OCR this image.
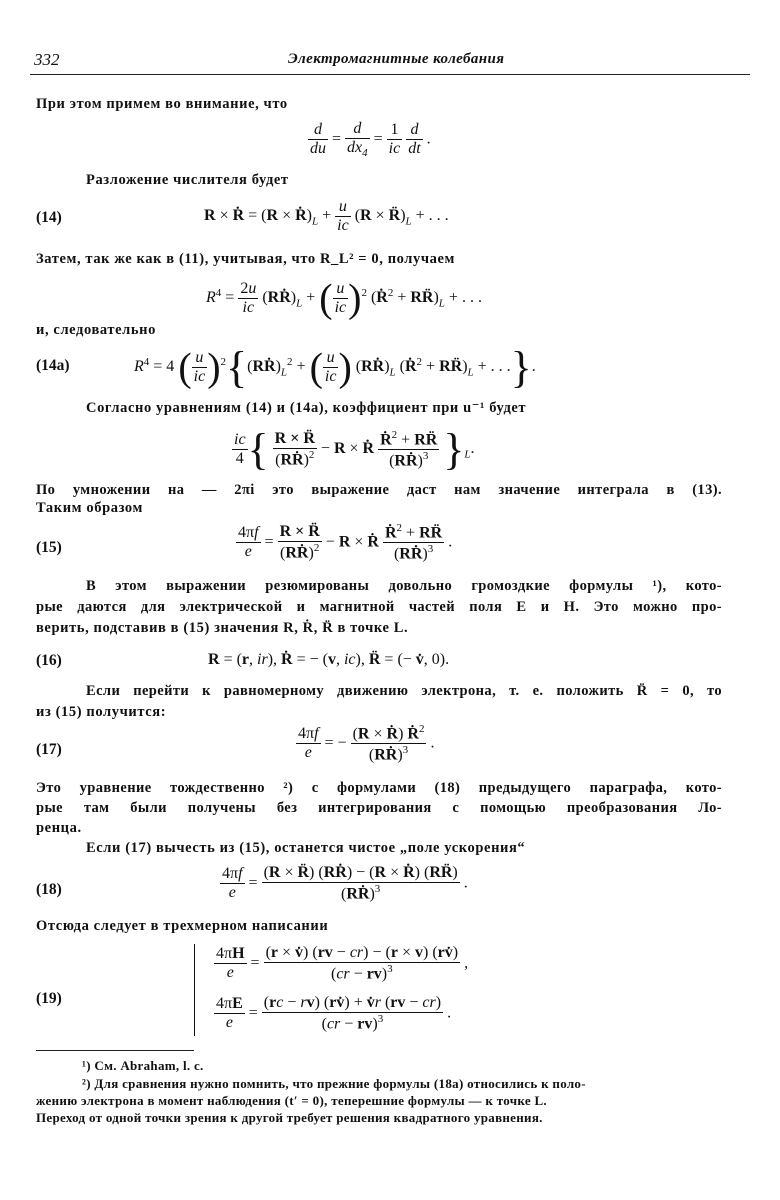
332	Электромагнитные колебания
При этом примем во внимание, что
$\frac{d}{du} = \frac{d}{dx_4} = \frac{1}{ic}$
$\frac{d}{dt}$ .
Разложение числителя будет
(14)	R × Ṙ = $(R \times Ṙ)_L + \frac{u}{ic} (R$ × $R̈)_L$ + . . .
Затем, так же как в (11), учитывая, что R_L² = 0, получаем
$R^4 = \frac{2u}{ic}$ $(RṘ)_L$ + ( $\frac{u}{ic} )^2$ (Ṙ$^2$ + $RR̈)_L$ + . . .
и, следовательно
(14a)	$R^4 = 4$ ( $\frac{u}{ic}$ )$^2\{(RṘ)_L^2$ + ( $\frac{u}{ic}$ ) $(RṘ)_L$ (Ṙ$^2$ + $RR̈)_L$ + . . .}.
Согласно уравнениям (14) и (14а), коэффициент при u⁻¹ будет
$\frac{ic}{4}$ { $\frac{R \times R̈}{(RṘ)^2} - R$ × Ṙ $\frac{Ṙ^2 + RR̈}{(RṘ)^3} \}_L$.
По умножении на — 2πi это выражение даст нам значение интеграла в (13).
Таким образом
(15)	$\frac{4\pi f}{e} = \frac{R \times R̈}{(RṘ)^2} - R$ × Ṙ $\frac{Ṙ^2 + RR̈}{(RṘ)^3}$ .
В этом выражении резюмированы довольно громоздкие формулы ¹), кото-
рые даются для электрической и магнитной частей поля E и H. Это можно про-
верить, подставив в (15) значения R, Ṙ, R̈ в точке L.
(16)	R = (r, ir), Ṙ = − (v, ic), R̈ = (− v̇, 0).
Если перейти к равномерному движению электрона, т. е. положить R̈ = 0, то
из (15) получится:
(17)	$\frac{4\pi f}{e}$ = − $\frac{(R \times Ṙ) Ṙ^2}{(RṘ)^3}$ .
Это уравнение тождественно ²) с формулами (18) предыдущего параграфа, кото-
рые там были получены без интегрирования с помощью преобразования Ло-
ренца.
Если (17) вычесть из (15), останется чистое „поле ускорения“
(18)	$\frac{4\pi f}{e} = \frac{\text{(R × R̈) (RṘ) − (R × Ṙ) (RR̈)}}{(RṘ)^3}$ .
Отсюда следует в трехмерном написании
(19)
$\frac{4\pi H}{e} = \frac{(r \times v̇) (rv - cr) - (r \times v) (rv̇)}{(cr - rv)^3}$ ,
$\frac{4\pi E}{e} = \frac{(rc - rv) (rv̇) + v̇r (rv - cr)}{(cr - rv)^3}$ .
¹) См. Abraham, l. c.
²) Для сравнения нужно помнить, что прежние формулы (18а) относились к поло-
жению электрона в момент наблюдения (t′ = 0), теперешние формулы — к точке L.
Переход от одной точки зрения к другой требует решения квадратного уравнения.
